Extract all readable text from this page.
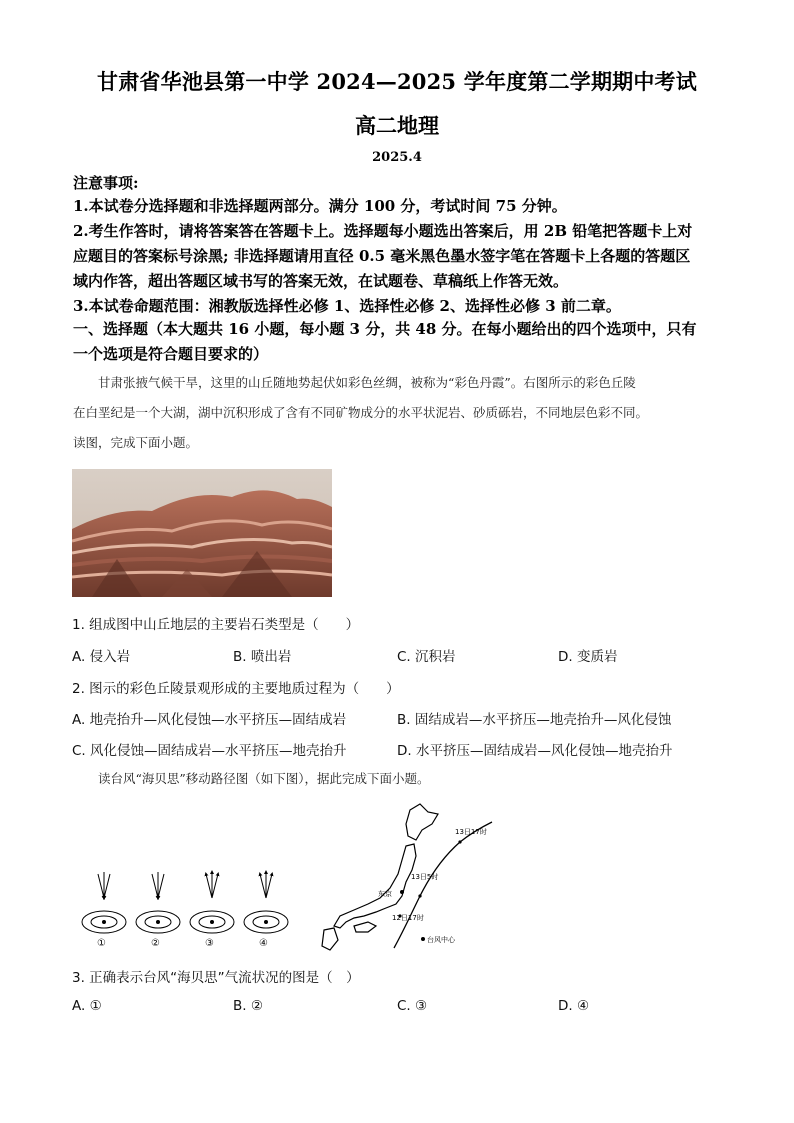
甘肃省华池县第一中学 2024—2025 学年度第二学期期中考试
高二地理
2025.4
注意事项:
1.本试卷分选择题和非选择题两部分。满分 100 分，考试时间 75 分钟。
2.考生作答时，请将答案答在答题卡上。选择题每小题选出答案后，用 2B 铅笔把答题卡上对
应题目的答案标号涂黑; 非选择题请用直径 0.5 毫米黑色墨水签字笔在答题卡上各题的答题区
域内作答，超出答题区域书写的答案无效，在试题卷、草稿纸上作答无效。
3.本试卷命题范围：湘教版选择性必修 1、选择性必修 2、选择性必修 3 前二章。
一、选择题（本大题共 16 小题，每小题 3 分，共 48 分。在每小题给出的四个选项中，只有
一个选项是符合题目要求的）
甘肃张掖气候干旱，这里的山丘随地势起伏如彩色丝绸，被称为“彩色丹霞”。右图所示的彩色丘陵
在白垩纪是一个大湖，湖中沉积形成了含有不同矿物成分的水平状泥岩、砂质砾岩，不同地层色彩不同。
读图，完成下面小题。
1. 组成图中山丘地层的主要岩石类型是（　　）
A. 侵入岩	B. 喷出岩	C. 沉积岩	D. 变质岩
2. 图示的彩色丘陵景观形成的主要地质过程为（　　）
A. 地壳抬升—风化侵蚀—水平挤压—固结成岩	B. 固结成岩—水平挤压—地壳抬升—风化侵蚀
C. 风化侵蚀—固结成岩—水平挤压—地壳抬升	D. 水平挤压—固结成岩—风化侵蚀—地壳抬升
读台风“海贝思”移动路径图（如下图），据此完成下面小题。
①	②	③	④
13日17时
13日5时
东京
12日17时
台风中心
3. 正确表示台风“海贝思”气流状况的图是（　）
A. ①	B. ②	C. ③	D. ④
